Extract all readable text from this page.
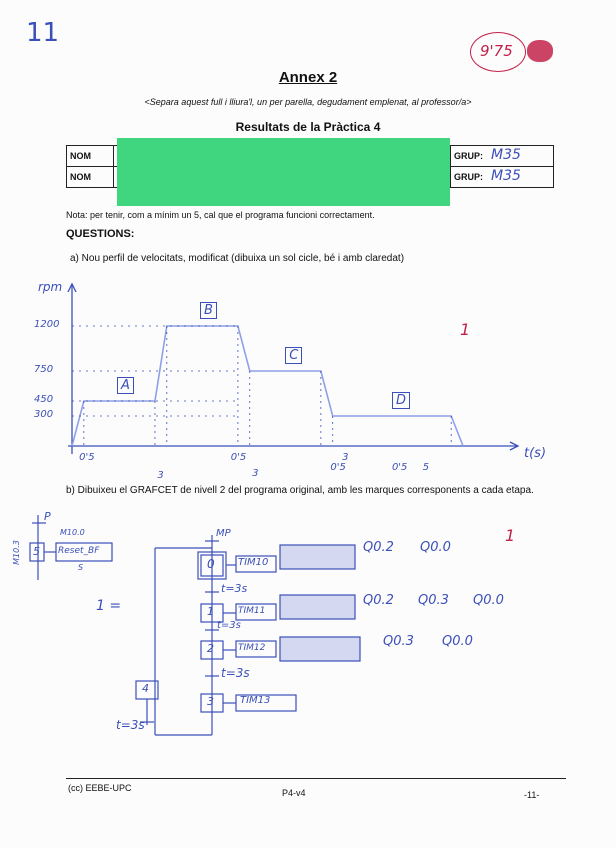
11
9'75
Annex 2
<Separa aquest full i lliura'l, un per parella, degudament emplenat, al professor/a>
Resultats de la Pràctica 4
NOM		GRUP: M35

NOM		GRUP: M35
Nota: per tenir, com a mínim un 5, cal que el programa funcioni correctament.
QUESTIONS:
a) Nou perfil de velocitats, modificat (dibuixa un sol cicle, bé i amb claredat)
1
rpm
t(s)
1200
750
450
300
A
B
C
D
0'5
3
0'5
3
0'5
3
0'5 5
b) Dibuixeu el GRAFCET de nivell 2 del programa original, amb les marques corresponents a cada etapa.
1
P
M10.0
M10.3 5 Reset_BF
S
MP
1 =
0 TIM10
Q0.2 Q0.0
t=3s
1	TIM11
Q0.2 Q0.3 Q0.0
t=3s
2	TIM12	Q0.3 Q0.0
t=3s
3	TIM13
4
t=3s
(cc) EEBE-UPC	P4-v4	-11-
